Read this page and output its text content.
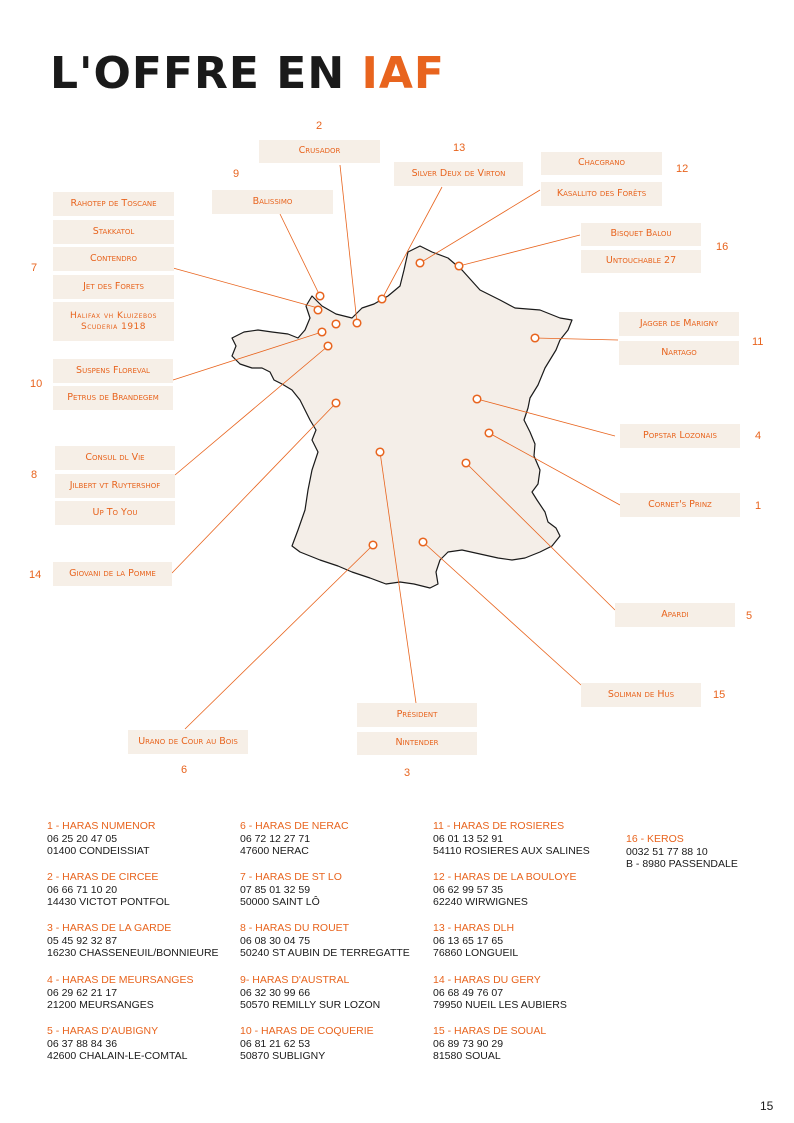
L'OFFRE EN IAF
2
13
12
9
16
7
11
10
4
8
1
14
5
15
6	3
Crusador
Silver Deux de Virton
Chacgrano
Kasallito des Forêts
Balissimo
Rahotep de Toscane
Stakkatol
Contendro
Jet des Forets
Halifax vh Kluizebos
Scuderia 1918
Bisquet Balou
Untouchable 27
Jagger de Marigny
Nartago
Suspens Floreval
Petrus de Brandegem
Popstar Lozonais
Consul dl Vie
Jilbert vt Ruytershof
Up To You
Cornet's Prinz
Giovani de la Pomme
Apardi
Soliman de Hus
Président
Nintender
Urano de Cour au Bois
1 - HARAS NUMENOR
06 25 20 47 05
01400 CONDEISSIAT
2 - HARAS DE CIRCEE
06 66 71 10 20
14430 VICTOT PONTFOL
3 - HARAS DE LA GARDE
05 45 92 32 87
16230 CHASSENEUIL/BONNIEURE
4 - HARAS DE MEURSANGES
06 29 62 21 17
21200 MEURSANGES
5 - HARAS D'AUBIGNY
06 37 88 84 36
42600 CHALAIN-LE-COMTAL
6 - HARAS DE NERAC
06 72 12 27 71
47600 NERAC
7 - HARAS DE ST LO
07 85 01 32 59
50000 SAINT LÔ
8 - HARAS DU ROUET
06 08 30 04 75
50240 ST AUBIN DE TERREGATTE
9- HARAS D'AUSTRAL
06 32 30 99 66
50570 REMILLY SUR LOZON
10 - HARAS DE COQUERIE
06 81 21 62 53
50870 SUBLIGNY
11 - HARAS DE ROSIERES
06 01 13 52 91
54110 ROSIERES AUX SALINES
12 - HARAS DE LA BOULOYE
06 62 99 57 35
62240 WIRWIGNES
13 - HARAS DLH
06 13 65 17 65
76860 LONGUEIL
14 - HARAS DU GERY
06 68 49 76 07
79950 NUEIL LES AUBIERS
15 - HARAS DE SOUAL
06 89 73 90 29
81580 SOUAL
16 - KEROS
0032 51 77 88 10
B - 8980 PASSENDALE
15
